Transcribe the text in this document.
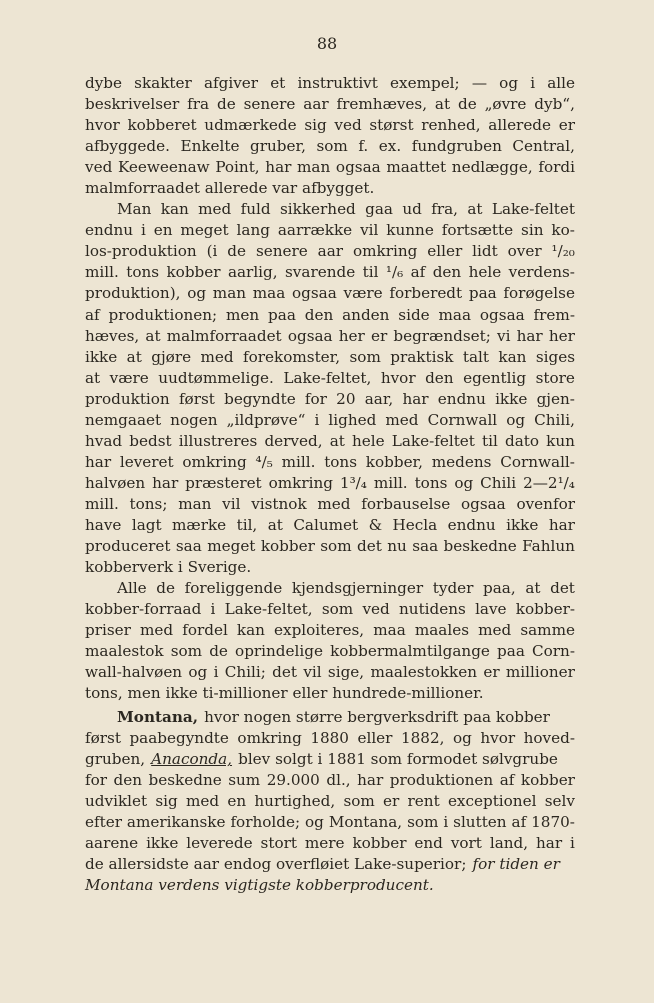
88
dybe skakter afgiver et instruktivt exempel; — og i alle
beskrivelser fra de senere aar fremhæves, at de „øvre dyb“,
hvor kobberet udmærkede sig ved størst renhed, allerede er
afbyggede. Enkelte gruber, som f. ex. fundgruben Central,
ved Keeweenaw Point, har man ogsaa maattet nedlægge, fordi
malmforraadet allerede var afbygget.
Man kan med fuld sikkerhed gaa ud fra, at Lake-feltet
endnu i en meget lang aarrække vil kunne fortsætte sin ko-
los-produktion (i de senere aar omkring eller lidt over ¹/₂₀
mill. tons kobber aarlig, svarende til ¹/₆ af den hele verdens-
produktion), og man maa ogsaa være forberedt paa forøgelse
af produktionen; men paa den anden side maa ogsaa frem-
hæves, at malmforraadet ogsaa her er begrændset; vi har her
ikke at gjøre med forekomster, som praktisk talt kan siges
at være uudtømmelige. Lake-feltet, hvor den egentlig store
produktion først begyndte for 20 aar, har endnu ikke gjen-
nemgaaet nogen „ildprøve“ i lighed med Cornwall og Chili,
hvad bedst illustreres derved, at hele Lake-feltet til dato kun
har leveret omkring ⁴/₅ mill. tons kobber, medens Cornwall-
halvøen har præsteret omkring 1³/₄ mill. tons og Chili 2—2¹/₄
mill. tons; man vil vistnok med forbauselse ogsaa ovenfor
have lagt mærke til, at Calumet & Hecla endnu ikke har
produceret saa meget kobber som det nu saa beskedne Fahlun
kobberverk i Sverige.
Alle de foreliggende kjendsgjerninger tyder paa, at det
kobber-forraad i Lake-feltet, som ved nutidens lave kobber-
priser med fordel kan exploiteres, maa maales med samme
maalestok som de oprindelige kobbermalmtilgange paa Corn-
wall-halvøen og i Chili; det vil sige, maalestokken er millioner
tons, men ikke ti-millioner eller hundrede-millioner.
Montana, hvor nogen større bergverksdrift paa kobber
først paabegyndte omkring 1880 eller 1882, og hvor hoved-
gruben, Anaconda, blev solgt i 1881 som formodet sølvgrube
for den beskedne sum 29.000 dl., har produktionen af kobber
udviklet sig med en hurtighed, som er rent exceptionel selv
efter amerikanske forholde; og Montana, som i slutten af 1870-
aarene ikke leverede stort mere kobber end vort land, har i
de allersidste aar endog overfløiet Lake-superior; for tiden er
Montana verdens vigtigste kobberproducent.
